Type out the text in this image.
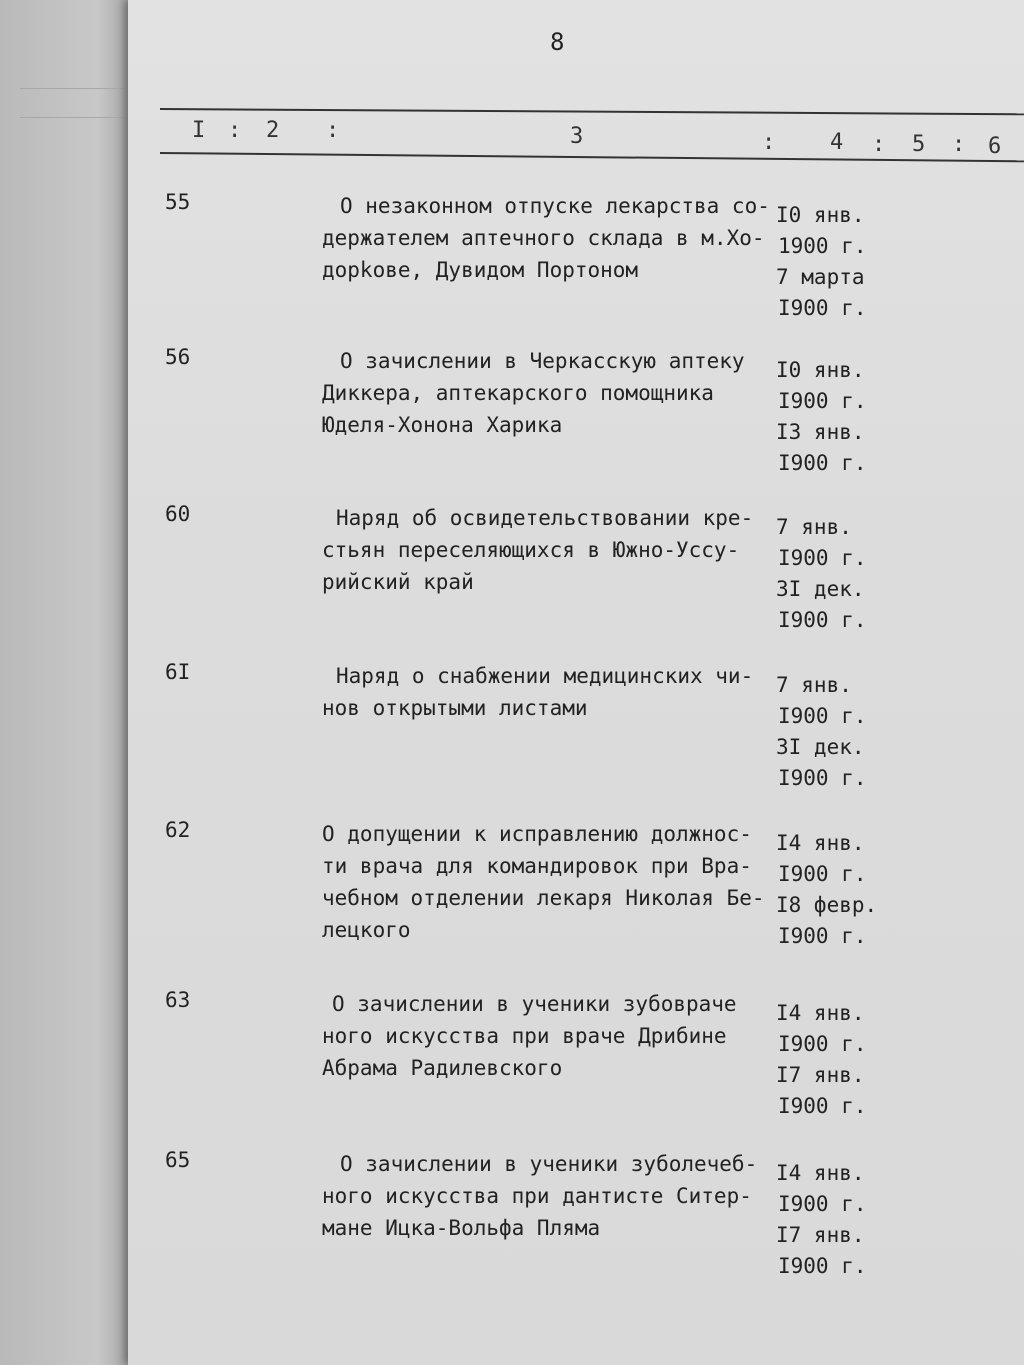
8
I : 2 :	3	: 4 : 5 : 6
55	О незаконном отпуске лекарства со-
держателем аптечного склада в м.Хо-
дорkове, Дувидом Портоном
I0 янв.
1900 г.
7 марта
I900 г.
56	О зачислении в Черкасскую аптеку
Диккера, аптекарского помощника
Юделя-Хонона Харика
I0 янв.
I900 г.
I3 янв.
I900 г.
60	Наряд об освидетельствовании кре-
стьян переселяющихся в Южно-Уссу-
рийский край
7 янв.
I900 г.
3I дек.
I900 г.
6I	Наряд о снабжении медицинских чи-
нов открытыми листами
7 янв.
I900 г.
3I дек.
I900 г.
62	О допущении к исправлению должнос-
ти врача для командировок при Вра-
чебном отделении лекаря Николая Бе-
лецкого
I4 янв.
I900 г.
I8 февр.
I900 г.
63	О зачислении в ученики зубовраче
ного искусства при враче Дрибине
Абрама Радилевского
I4 янв.
I900 г.
I7 янв.
I900 г.
65	О зачислении в ученики зуболечеб-
ного искусства при дантисте Ситер-
мане Ицка-Вольфа Пляма
I4 янв.
I900 г.
I7 янв.
I900 г.
